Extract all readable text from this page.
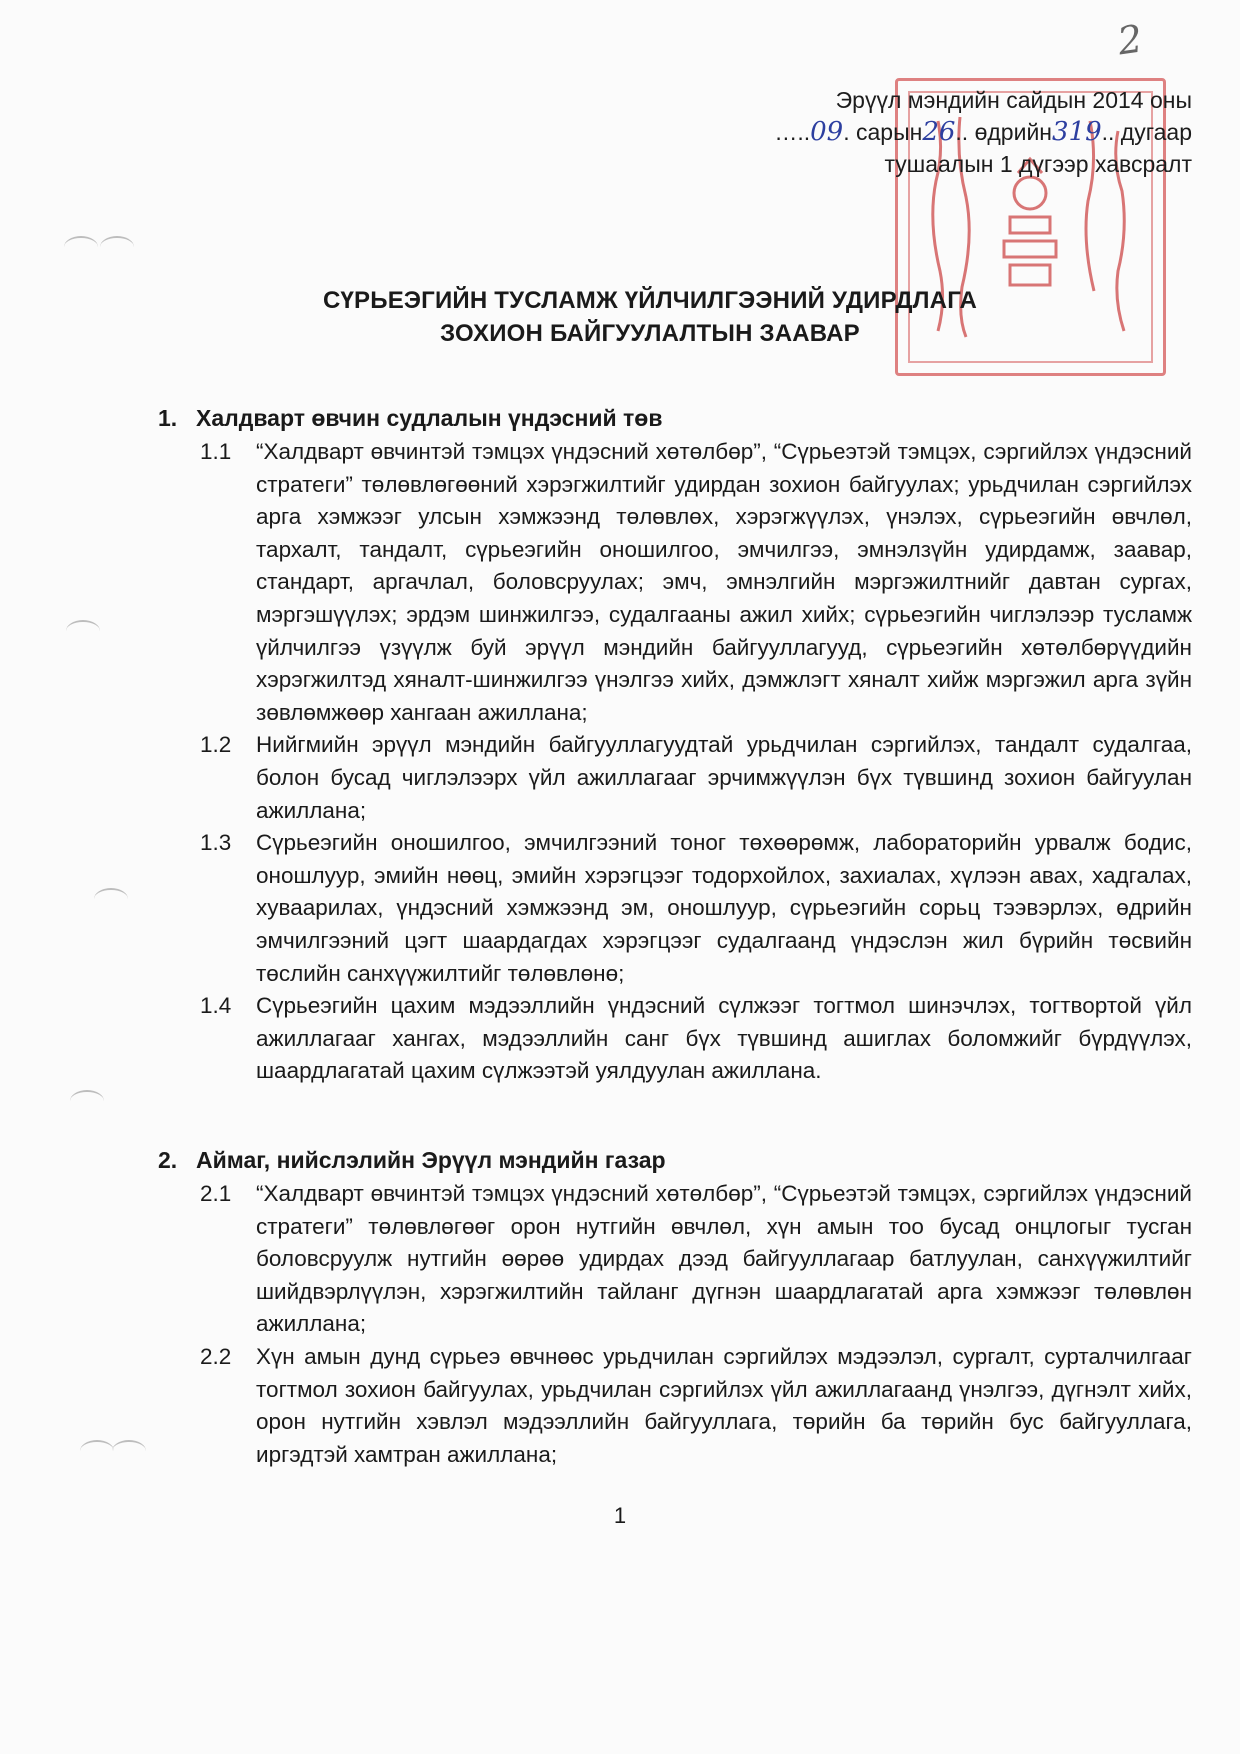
2
Эрүүл мэндийн сайдын 2014 оны
…..09. сарын26.. өдрийн319.. дугаар
тушаалын 1 дүгээр хавсралт
СҮРЬЕЭГИЙН ТУСЛАМЖ ҮЙЛЧИЛГЭЭНИЙ УДИРДЛАГА
ЗОХИОН БАЙГУУЛАЛТЫН ЗААВАР
1. Халдварт өвчин судлалын үндэсний төв
1.1	“Халдварт өвчинтэй тэмцэх үндэсний хөтөлбөр”, “Сүрьеэтэй тэмцэх, сэргийлэх үндэсний стратеги” төлөвлөгөөний хэрэгжилтийг удирдан зохион байгуулах; урьдчилан сэргийлэх арга хэмжээг улсын хэмжээнд төлөвлөх, хэрэгжүүлэх, үнэлэх, сүрьеэгийн өвчлөл, тархалт, тандалт, сүрьеэгийн оношилгоо, эмчилгээ, эмнэлзүйн удирдамж, заавар, стандарт, аргачлал, боловсруулах; эмч, эмнэлгийн мэргэжилтнийг давтан сургах, мэргэшүүлэх; эрдэм шинжилгээ, судалгааны ажил хийх; сүрьеэгийн чиглэлээр тусламж үйлчилгээ үзүүлж буй эрүүл мэндийн байгууллагууд, сүрьеэгийн хөтөлбөрүүдийн хэрэгжилтэд хяналт-шинжилгээ үнэлгээ хийх, дэмжлэгт хяналт хийж мэргэжил арга зүйн зөвлөмжөөр хангаан ажиллана;
1.2	Нийгмийн эрүүл мэндийн байгууллагуудтай урьдчилан сэргийлэх, тандалт судалгаа, болон бусад чиглэлээрх үйл ажиллагааг эрчимжүүлэн бүх түвшинд зохион байгуулан ажиллана;
1.3	Сүрьеэгийн оношилгоо, эмчилгээний тоног төхөөрөмж, лабораторийн урвалж бодис, оношлуур, эмийн нөөц, эмийн хэрэгцээг тодорхойлох, захиалах, хүлээн авах, хадгалах, хуваарилах, үндэсний хэмжээнд эм, оношлуур, сүрьеэгийн сорьц тээвэрлэх, өдрийн эмчилгээний цэгт шаардагдах хэрэгцээг судалгаанд үндэслэн жил бүрийн төсвийн төслийн санхүүжилтийг төлөвлөнө;
1.4	Сүрьеэгийн цахим мэдээллийн үндэсний сүлжээг тогтмол шинэчлэх, тогтвортой үйл ажиллагааг хангах, мэдээллийн санг бүх түвшинд ашиглах боломжийг бүрдүүлэх, шаардлагатай цахим сүлжээтэй уялдуулан ажиллана.
2. Аймаг, нийслэлийн Эрүүл мэндийн газар
2.1	“Халдварт өвчинтэй тэмцэх үндэсний хөтөлбөр”, “Сүрьеэтэй тэмцэх, сэргийлэх үндэсний стратеги” төлөвлөгөөг орон нутгийн өвчлөл, хүн амын тоо бусад онцлогыг тусган боловсруулж нутгийн өөрөө удирдах дээд байгууллагаар батлуулан, санхүүжилтийг шийдвэрлүүлэн, хэрэгжилтийн тайланг дүгнэн шаардлагатай арга хэмжээг төлөвлөн ажиллана;
2.2	Хүн амын дунд сүрьеэ өвчнөөс урьдчилан сэргийлэх мэдээлэл, сургалт, сурталчилгааг тогтмол зохион байгуулах, урьдчилан сэргийлэх үйл ажиллагаанд үнэлгээ, дүгнэлт хийх, орон нутгийн хэвлэл мэдээллийн байгууллага, төрийн ба төрийн бус байгууллага, иргэдтэй хамтран ажиллана;
1
